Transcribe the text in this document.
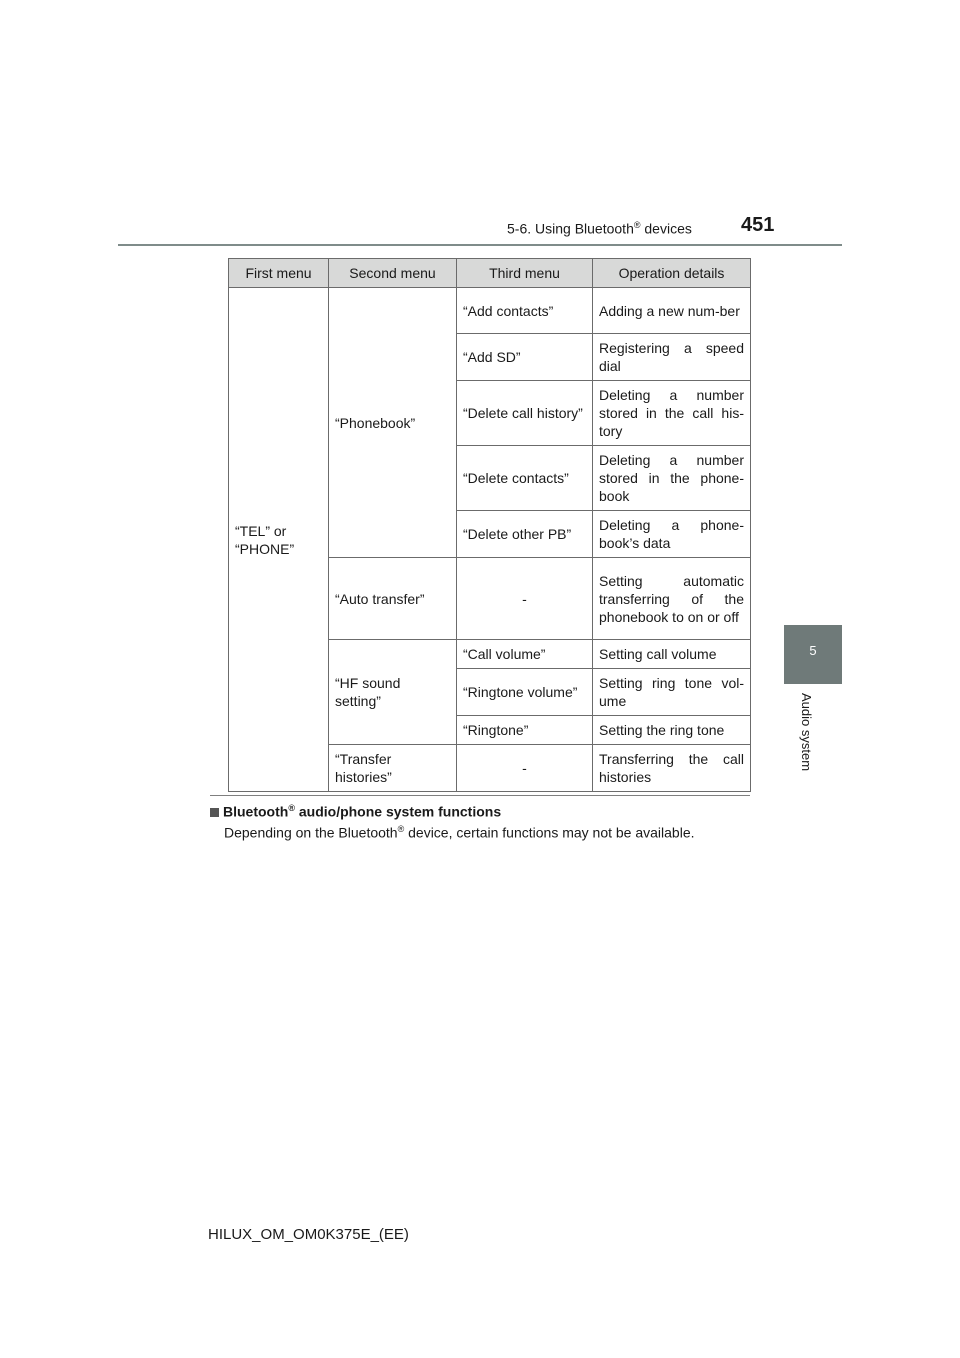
5-6. Using Bluetooth® devices 451
5
Audio system
First menu	Second menu	Third menu	Operation details
“TEL” or “PHONE”	“Phonebook”	“Add contacts”	Adding a new num-ber
		“Add SD”	Registering a speed dial
		“Delete call history”	Deleting a number stored in the call his-tory
		“Delete contacts”	Deleting a number stored in the phone-book
		“Delete other PB”	Deleting a phone-book’s data
	“Auto transfer”	-	Setting automatic transferring of the phonebook to on or off
	“HF sound setting”	“Call volume”	Setting call volume
		“Ringtone volume”	Setting ring tone vol-ume
		“Ringtone”	Setting the ring tone
	“Transfer histories”	-	Transferring the call histories
Bluetooth® audio/phone system functions
Depending on the Bluetooth® device, certain functions may not be available.
HILUX_OM_OM0K375E_(EE)
